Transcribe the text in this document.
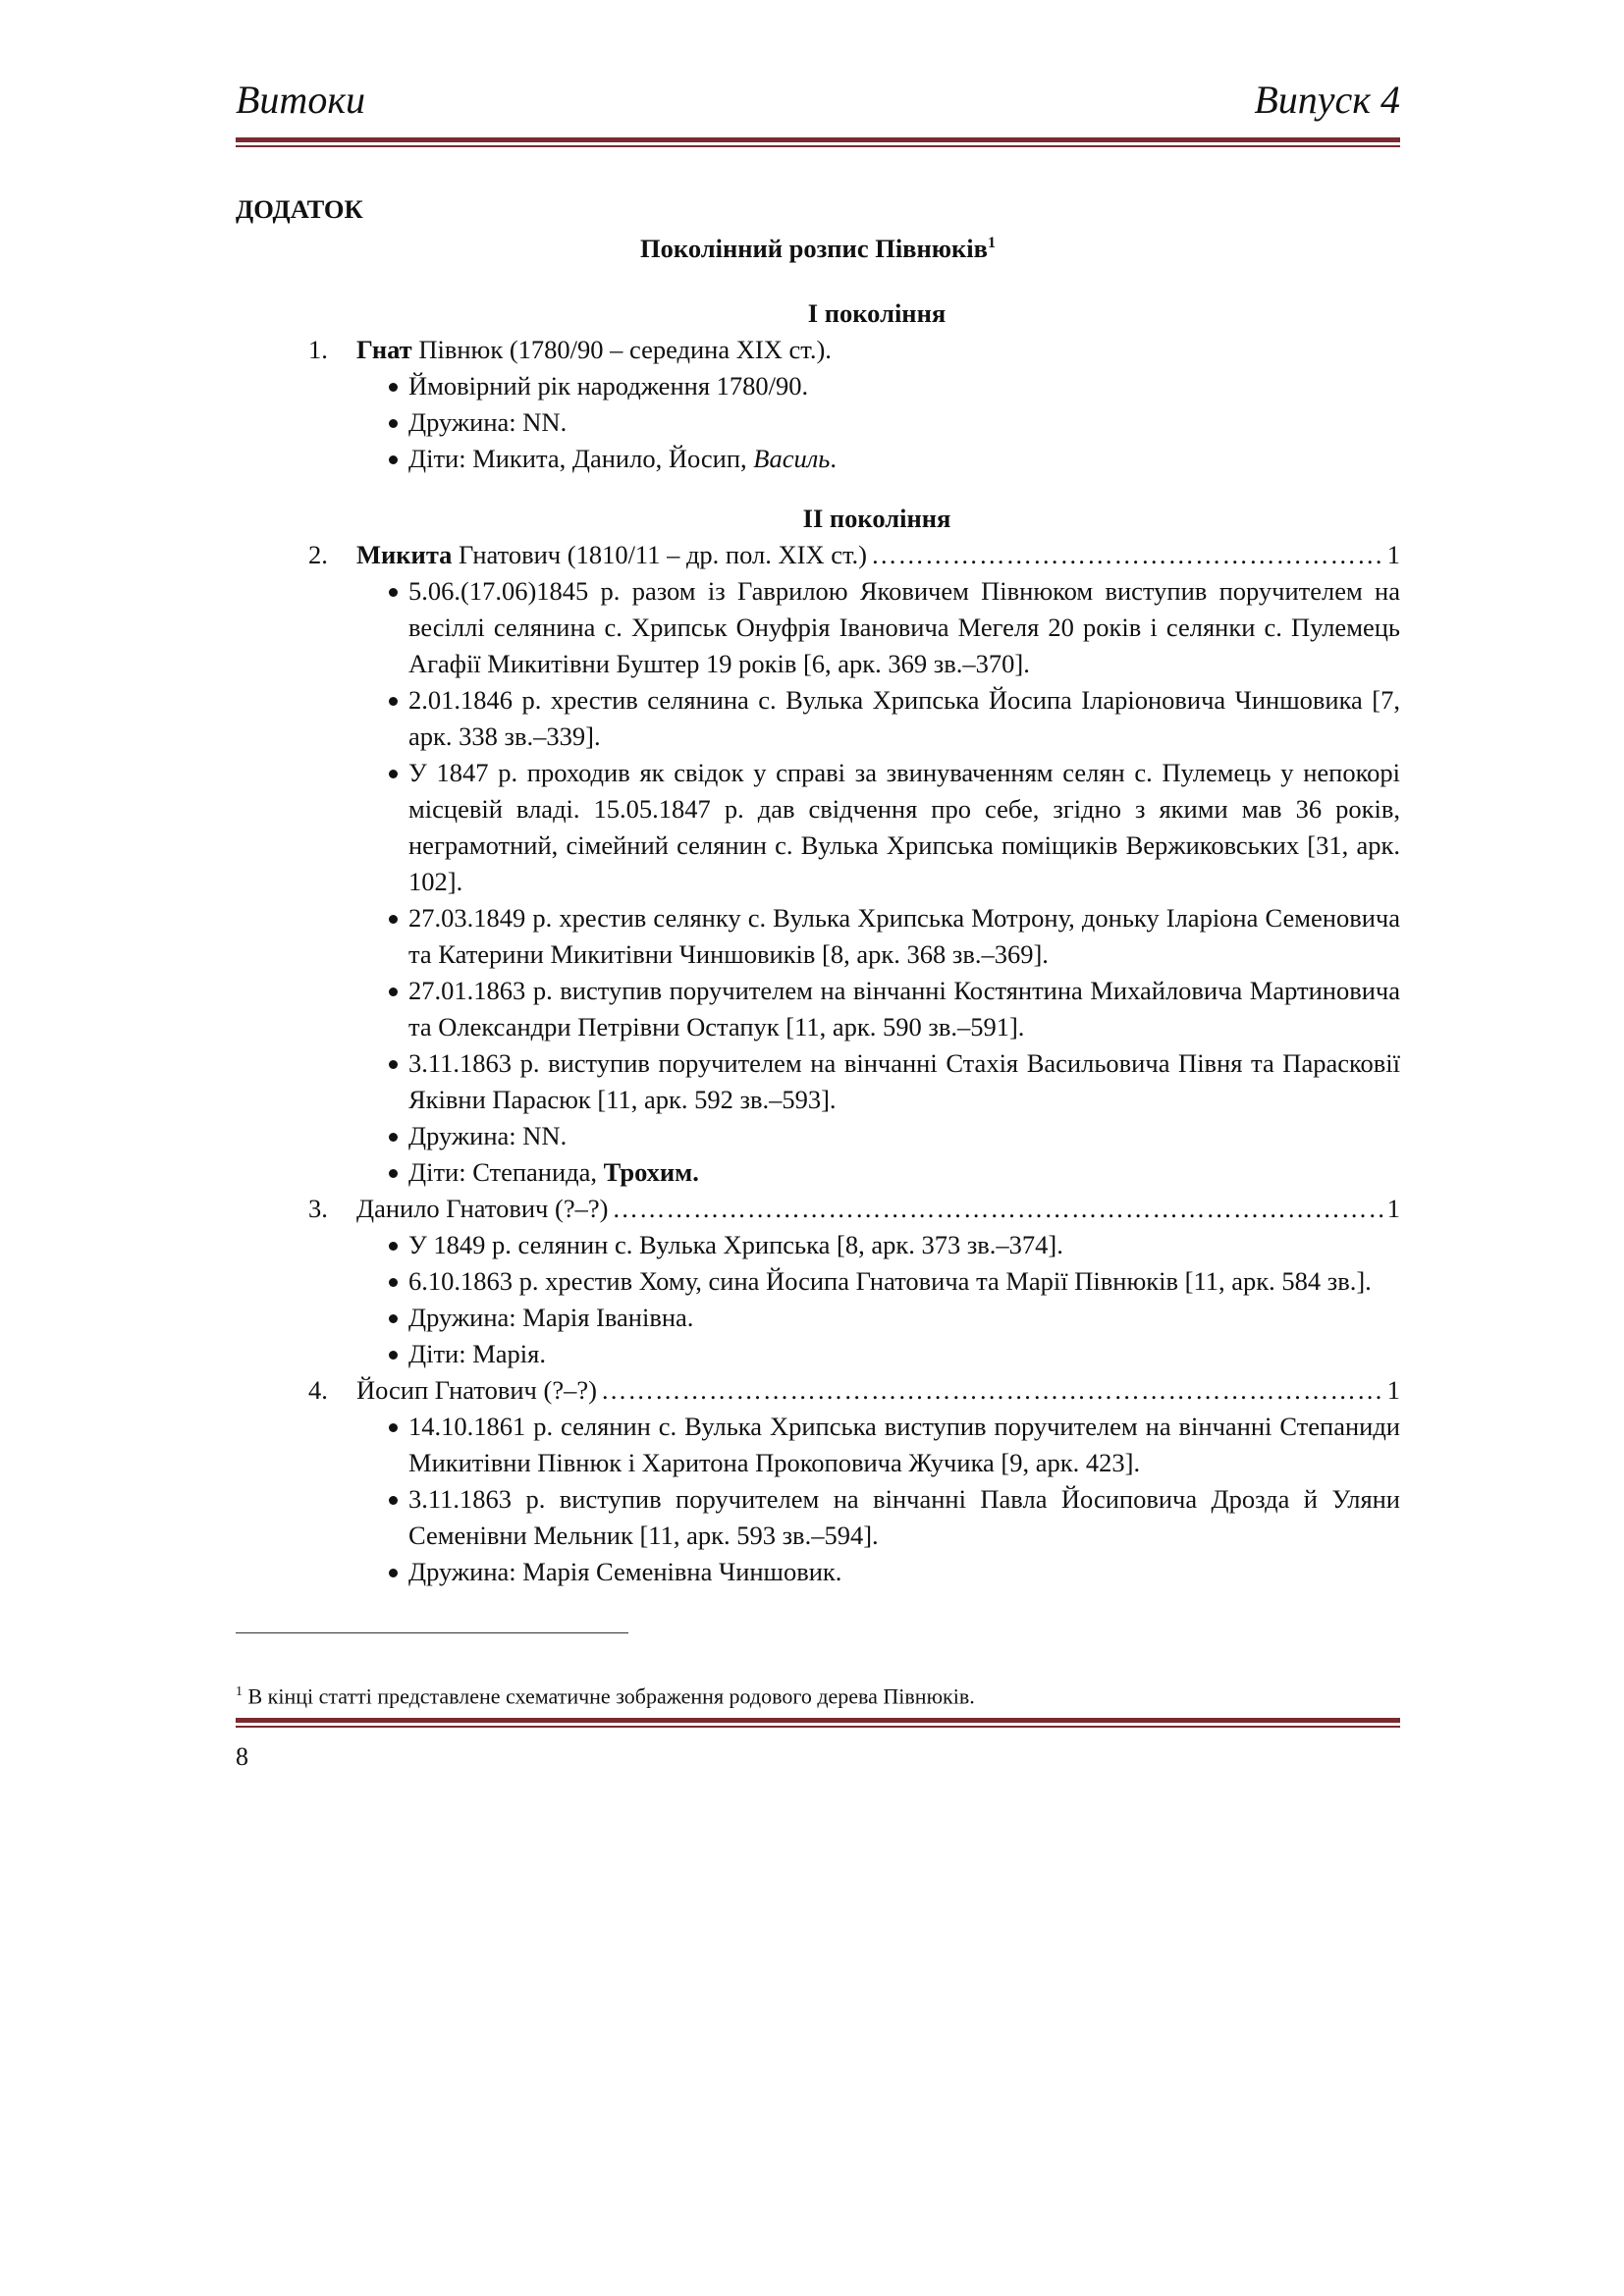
Витоки	Випуск 4

ДОДАТОК

Поколінний розпис Півнюків$^1$

І покоління

1. Гнат Півнюк (1780/90 – середина XIX ст.).
Ймовірний рік народження 1780/90.
Дружина: NN.
Діти: Микита, Данило, Йосип, Василь.

ІІ покоління

2. Микита Гнатович (1810/11 – др. пол. XIX ст.) ………………………………………………………………………………………………………………………………………………	1
5.06.(17.06)1845 р. разом із Гаврилою Яковичем Півнюком виступив поручителем на весіллі селянина с. Хрипськ Онуфрія Івановича Мегеля 20 років і селянки с. Пулемець Агафії Микитівни Буштер 19 років [6, арк. 369 зв.–370].
2.01.1846 р. хрестив селянина с. Вулька Хрипська Йосипа Іларіоновича Чиншовика [7, арк. 338 зв.–339].
У 1847 р. проходив як свідок у справі за звинуваченням селян с. Пулемець у непокорі місцевій владі. 15.05.1847 р. дав свідчення про себе, згідно з якими мав 36 років, неграмотний, сімейний селянин с. Вулька Хрипська поміщиків Вержиковських [31, арк. 102].
27.03.1849 р. хрестив селянку с. Вулька Хрипська Мотрону, доньку Іларіона Семеновича та Катерини Микитівни Чиншовиків [8, арк. 368 зв.–369].
27.01.1863 р. виступив поручителем на вінчанні Костянтина Михайловича Мартиновича та Олександри Петрівни Остапук [11, арк. 590 зв.–591].
3.11.1863 р. виступив поручителем на вінчанні Стахія Васильовича Півня та Парасковії Яківни Парасюк [11, арк. 592 зв.–593].
Дружина: NN.
Діти: Степанида, Трохим.
3. Данило Гнатович (?–?) ………………………………………………………………………………………………………………………………………………	1
У 1849 р. селянин с. Вулька Хрипська [8, арк. 373 зв.–374].
6.10.1863 р. хрестив Хому, сина Йосипа Гнатовича та Марії Півнюків [11, арк. 584 зв.].
Дружина: Марія Іванівна.
Діти: Марія.
4. Йосип Гнатович (?–?) ………………………………………………………………………………………………………………………………………………	1
14.10.1861 р. селянин с. Вулька Хрипська виступив поручителем на вінчанні Степаниди Микитівни Півнюк і Харитона Прокоповича Жучика [9, арк. 423].
3.11.1863 р. виступив поручителем на вінчанні Павла Йосиповича Дрозда й Уляни Семенівни Мельник [11, арк. 593 зв.–594].
Дружина: Марія Семенівна Чиншовик.
$^1$ В кінці статті представлене схематичне зображення родового дерева Півнюків.
8
